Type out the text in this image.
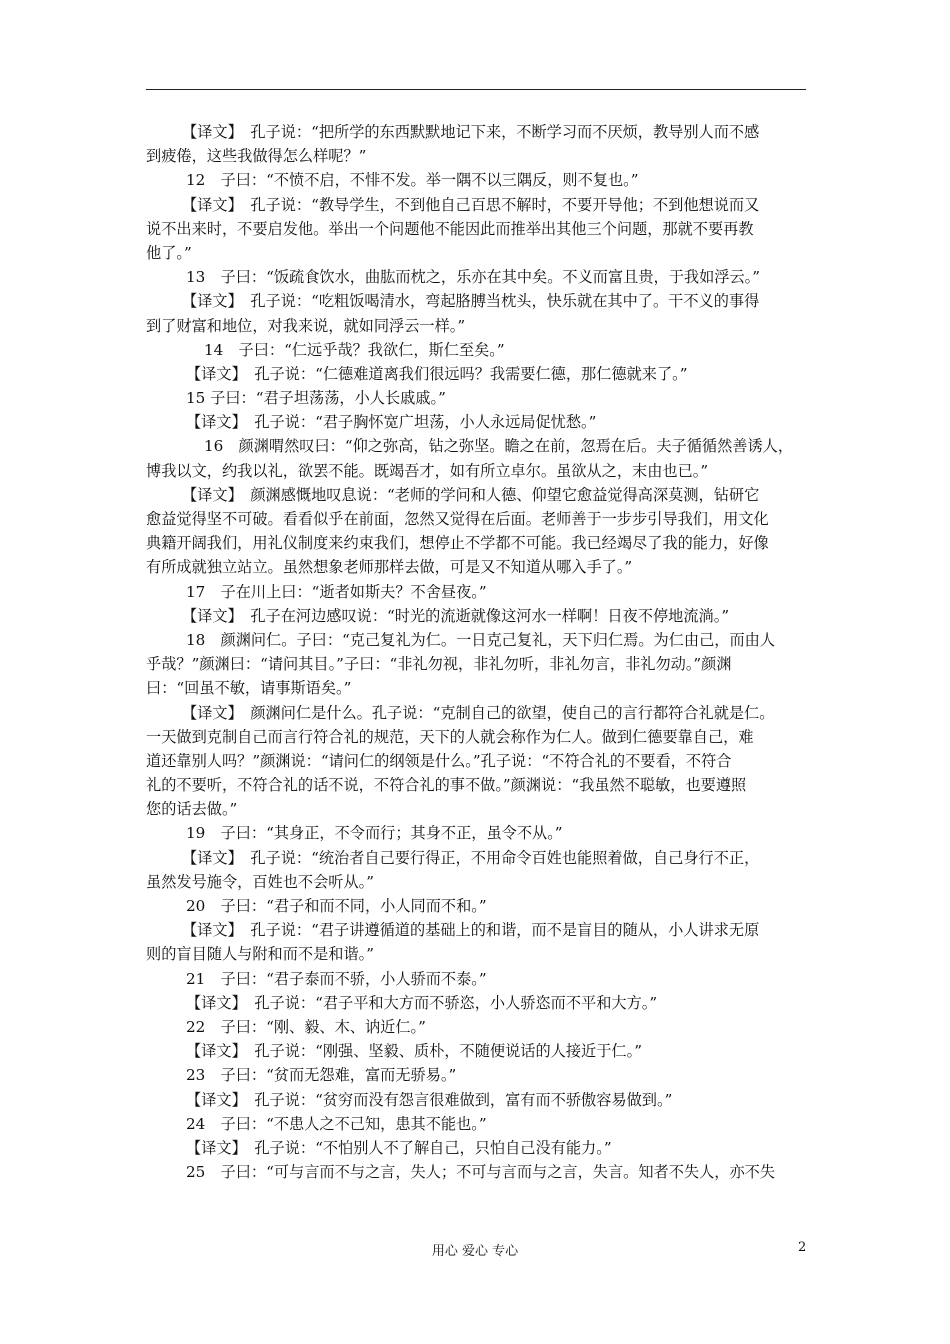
【译文】　孔子说：“把所学的东西默默地记下来，不断学习而不厌烦，教导别人而不感
到疲倦，这些我做得怎么样呢？”
12　子曰：“不愤不启，不悱不发。举一隅不以三隅反，则不复也。”
【译文】　孔子说：“教导学生，不到他自己百思不解时，不要开导他；不到他想说而又
说不出来时，不要启发他。举出一个问题他不能因此而推举出其他三个问题，那就不要再教
他了。”
13　子曰：“饭疏食饮水，曲肱而枕之，乐亦在其中矣。不义而富且贵，于我如浮云。”
【译文】　孔子说：“吃粗饭喝清水，弯起胳膊当枕头，快乐就在其中了。干不义的事得
到了财富和地位，对我来说，就如同浮云一样。”
14　子曰：“仁远乎哉？我欲仁，斯仁至矣。”
【译文】　孔子说：“仁德难道离我们很远吗？我需要仁德，那仁德就来了。”
15 子曰：“君子坦荡荡，小人长戚戚。”
【译文】　孔子说：“君子胸怀宽广坦荡，小人永远局促忧愁。”
16　颜渊喟然叹曰：“仰之弥高，钻之弥坚。瞻之在前，忽焉在后。夫子循循然善诱人，
博我以文，约我以礼，欲罢不能。既竭吾才，如有所立卓尔。虽欲从之，末由也已。”
【译文】　颜渊感慨地叹息说：“老师的学问和人德、仰望它愈益觉得高深莫测，钻研它
愈益觉得坚不可破。看看似乎在前面，忽然又觉得在后面。老师善于一步步引导我们，用文化
典籍开阔我们，用礼仪制度来约束我们，想停止不学都不可能。我已经竭尽了我的能力，好像
有所成就独立站立。虽然想象老师那样去做，可是又不知道从哪入手了。”
17　子在川上曰：“逝者如斯夫？不舍昼夜。”
【译文】　孔子在河边感叹说：“时光的流逝就像这河水一样啊！日夜不停地流淌。”
18　颜渊问仁。子曰：“克己复礼为仁。一日克己复礼，天下归仁焉。为仁由己，而由人
乎哉？”颜渊曰：“请问其目。”子曰：“非礼勿视，非礼勿听，非礼勿言，非礼勿动。”颜渊
曰：“回虽不敏，请事斯语矣。”
【译文】　颜渊问仁是什么。孔子说：“克制自己的欲望，使自己的言行都符合礼就是仁。
一天做到克制自己而言行符合礼的规范，天下的人就会称作为仁人。做到仁德要靠自己，难
道还靠别人吗？”颜渊说：“请问仁的纲领是什么。”孔子说：“不符合礼的不要看，不符合
礼的不要听，不符合礼的话不说，不符合礼的事不做。”颜渊说：“我虽然不聪敏，也要遵照
您的话去做。”
19　子曰：“其身正，不令而行；其身不正，虽令不从。”
【译文】　孔子说：“统治者自己要行得正，不用命令百姓也能照着做，自己身行不正，
虽然发号施令，百姓也不会听从。”
20　子曰：“君子和而不同，小人同而不和。”
【译文】　孔子说：“君子讲遵循道的基础上的和谐，而不是盲目的随从，小人讲求无原
则的盲目随人与附和而不是和谐。”
21　子曰：“君子泰而不骄，小人骄而不泰。”
【译文】　孔子说：“君子平和大方而不骄恣，小人骄恣而不平和大方。”
22　子曰：“刚、毅、木、讷近仁。”
【译文】　孔子说：“刚强、坚毅、质朴，不随便说话的人接近于仁。”
23　子曰：“贫而无怨难，富而无骄易。”
【译文】　孔子说：“贫穷而没有怨言很难做到，富有而不骄傲容易做到。”
24　子曰：“不患人之不己知，患其不能也。”
【译文】　孔子说：“不怕别人不了解自己，只怕自己没有能力。”
25　子曰：“可与言而不与之言，失人；不可与言而与之言，失言。知者不失人，亦不失
用心 爱心 专心	2
